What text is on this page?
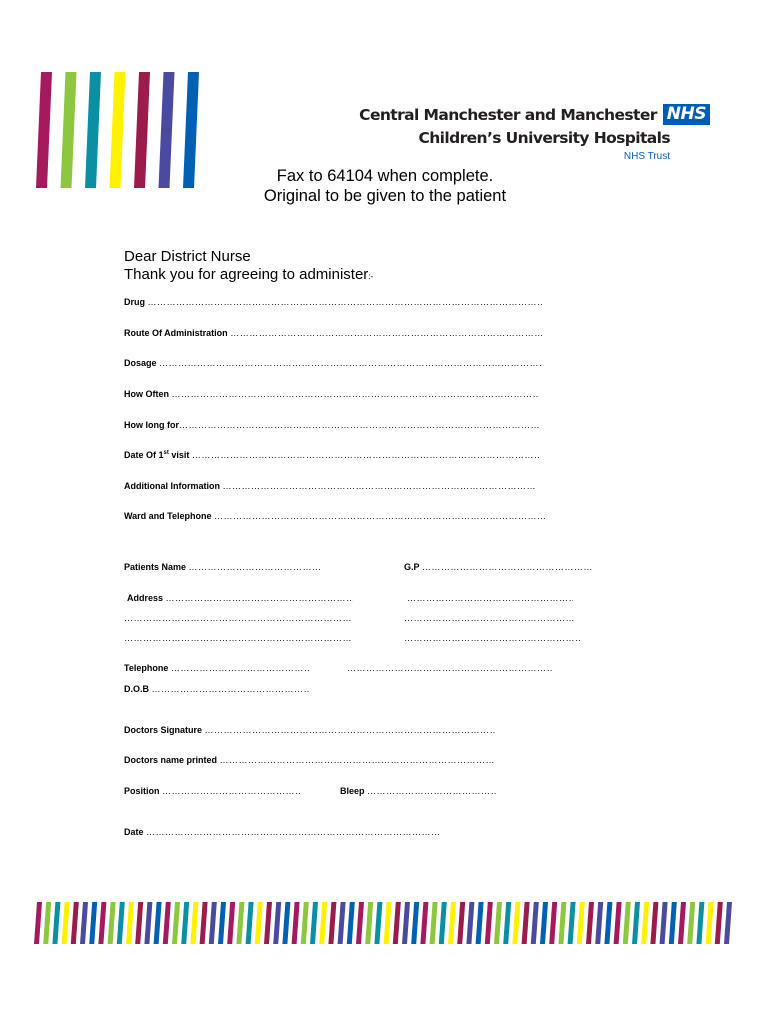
Central Manchester and Manchester NHS
Children’s University Hospitals
NHS Trust
Fax to 64104 when complete.
Original to be given to the patient
Dear District Nurse
Thank you for agreeing to administer:-
Drug …………………………………………………………………………………………………………………………………………………………………………………………………………………………………………
Route Of Administration …………………………………………………………………………………………………………………………………………………………………………………………………………………………………………
Dosage …………………………………………………………………………………………………………………………………………………………………………………………………………………………………………
How Often …………………………………………………………………………………………………………………………………………………………………………………………………………………………………………
How long for …………………………………………………………………………………………………………………………………………………………………………………………………………………………………………
Date Of 1st visit …………………………………………………………………………………………………………………………………………………………………………………………………………………………………………
Additional Information …………………………………………………………………………………………………………………………………………………………………………………………………………………………………………
Ward and Telephone …………………………………………………………………………………………………………………………………………………………………………………………………………………………………………
Patients Name …………………………………………………………………………………………………………………………………………………………………………………………………………………………………………	G.P …………………………………………………………………………………………………………………………………………………………………………………………………………………………………………
Address …………………………………………………………………………………………………………………………………………………………………………………………………………………………………………
…………………………………………………………………………………………………………………………………………………………………………………………………………………………………………
…………………………………………………………………………………………………………………………………………………………………………………………………………………………………………
…………………………………………………………………………………………………………………………………………………………………………………………………………………………………………
…………………………………………………………………………………………………………………………………………………………………………………………………………………………………………
…………………………………………………………………………………………………………………………………………………………………………………………………………………………………………
Telephone …………………………………………………………………………………………………………………………………………………………………………………………………………………………………………
…………………………………………………………………………………………………………………………………………………………………………………………………………………………………………
D.O.B …………………………………………………………………………………………………………………………………………………………………………………………………………………………………………
Doctors Signature …………………………………………………………………………………………………………………………………………………………………………………………………………………………………………
Doctors name printed …………………………………………………………………………………………………………………………………………………………………………………………………………………………………………
Position …………………………………………………………………………………………………………………………………………………………………………………………………………………………………………	Bleep …………………………………………………………………………………………………………………………………………………………………………………………………………………………………………
Date …………………………………………………………………………………………………………………………………………………………………………………………………………………………………………
